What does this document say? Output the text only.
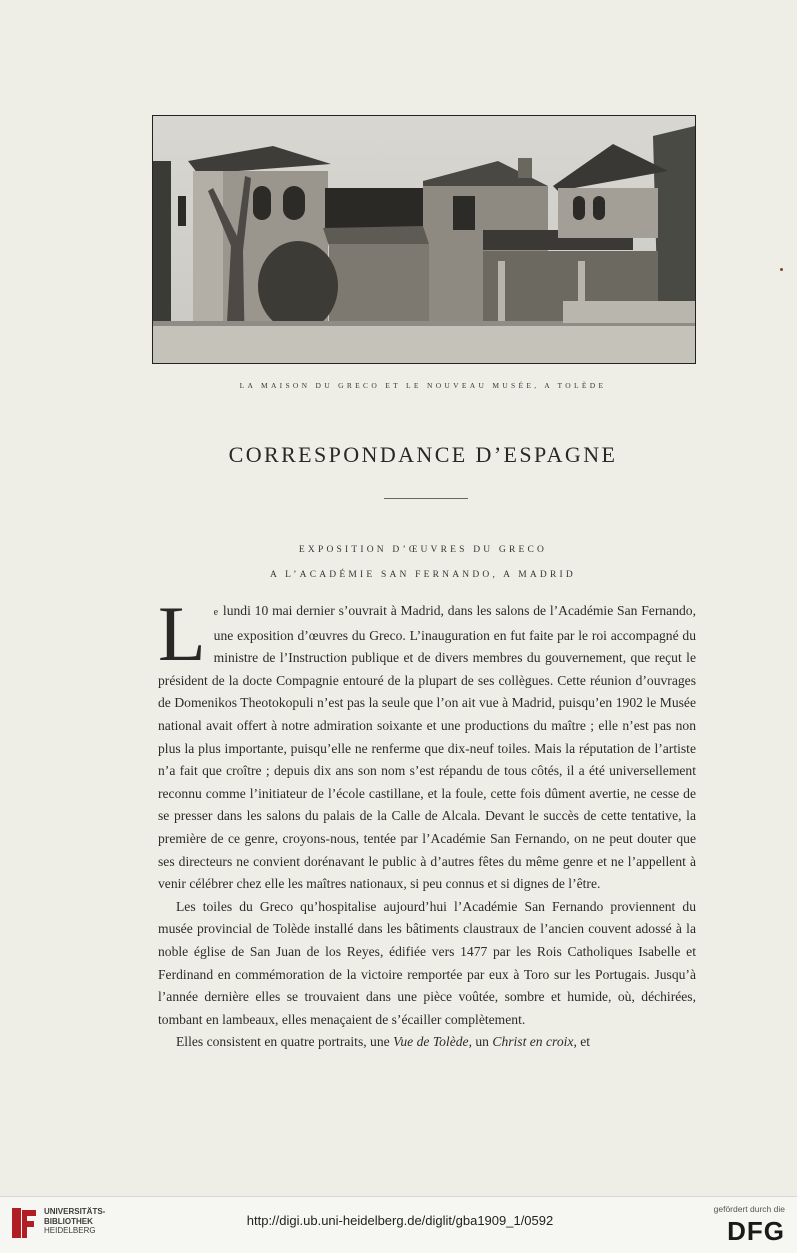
LA MAISON DU GRECO ET LE NOUVEAU MUSÉE, A TOLÈDE
CORRESPONDANCE D’ESPAGNE
EXPOSITION D’ŒUVRES DU GRECO
A L’ACADÉMIE SAN FERNANDO, A MADRID

Le lundi 10 mai dernier s’ouvrait à Madrid, dans les salons de l’Académie San Fernando, une exposition d’œuvres du Greco. L’inauguration en fut faite par le roi accompagné du ministre de l’Instruction publique et de divers membres du gouvernement, que reçut le président de la docte Compagnie entouré de la plupart de ses collègues. Cette réunion d’ouvrages de Domenikos Theotokopuli n’est pas la seule que l’on ait vue à Madrid, puisqu’en 1902 le Musée national avait offert à notre admiration soixante et une productions du maître ; elle n’est pas non plus la plus importante, puisqu’elle ne renferme que dix-neuf toiles. Mais la réputation de l’artiste n’a fait que croître ; depuis dix ans son nom s’est répandu de tous côtés, il a été universellement reconnu comme l’initiateur de l’école castillane, et la foule, cette fois dûment avertie, ne cesse de se presser dans les salons du palais de la Calle de Alcala. Devant le succès de cette tentative, la première de ce genre, croyons-nous, tentée par l’Académie San Fernando, on ne peut douter que ses directeurs ne convient dorénavant le public à d’autres fêtes du même genre et ne l’appellent à venir célébrer chez elle les maîtres nationaux, si peu connus et si dignes de l’être.

Les toiles du Greco qu’hospitalise aujourd’hui l’Académie San Fernando proviennent du musée provincial de Tolède installé dans les bâtiments claustraux de l’ancien couvent adossé à la noble église de San Juan de los Reyes, édifiée vers 1477 par les Rois Catholiques Isabelle et Ferdinand en commémoration de la victoire remportée par eux à Toro sur les Portugais. Jusqu’à l’année dernière elles se trouvaient dans une pièce voûtée, sombre et humide, où, déchirées, tombant en lambeaux, elles menaçaient de s’écailler complètement.

Elles consistent en quatre portraits, une Vue de Tolède, un Christ en croix, et

UNIVERSITÄTS-
BIBLIOTHEK
HEIDELBERG
http://digi.ub.uni-heidelberg.de/diglit/gba1909_1/0592
gefördert durch die
DFG
